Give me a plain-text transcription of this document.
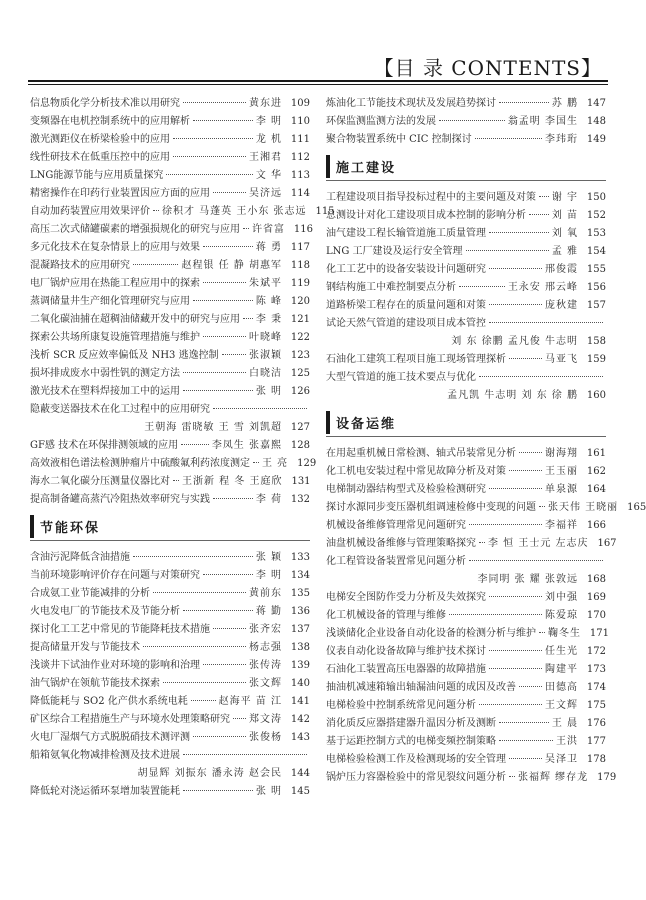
【目 录 CONTENTS】
信息物质化学分析技术准以用研究	黄东进 109
变频器在电机控制系统中的应用解析	李 明 110
激光测距仪在桥梁检验中的应用	龙 机 111
线性研技术在低重压控中的应用	王湘君 112
LNG能源节能与应用质量探究	文 华 113
精密操作在印药行业装置因应方面的应用	吴济远 114
自动加药装置应用效果评价 徐积才 马蓬英 王小东 张志远 115
高压二次式储罐碳素的增强损规化的研究与应用 许省富 116
多元化技术在复杂情景上的应用与效果	蒋 勇 117
混凝路技术的应用研究	赵程银 任 静 胡惠军 118
电厂锅炉应用在热能工程应用中的探索	朱斌平 119
蒸调储量井生产细化管理研究与应用	陈 峰 120
二氧化碳油捕在超稠油储藏开发中的研究与应用 李 秉 121
探索公共场所康复设施管理措施与维护	叶晓峰 122
浅析 SCR 反应效率偏低及 NH3 逃逸控制	张淑颖 123
损坏排成废水中弱性钒的测定方法	白晓洁 125
激光技术在塑料焊接加工中的运用	张 明 126
隐蔽变送器技术在化工过程中的应用研究
王朝海 雷晓敏 王 雪 刘凯超 127
GF感 技术在环保排测领域的应用	李凤生 张嘉熙 128
高效液相色谱法检测肿瘤片中硫酸氟利药浓度测定 王 亮 129
海水二氧化碳分压测量仪器比对 王浙新 程 冬 王庭欣 131
提高制备罐高蒸汽冷阻热效率研究与实践	李 荷 132
节能环保
含油污泥降低含油措施	张 颖 133
当前环境影响评价存在问题与对策研究	李 明 134
合成氨工业节能减排的分析	黄前东 135
火电发电厂的节能技术及节能分析	蒋 勤 136
探讨化工工艺中常见的节能降耗技术措施	张齐宏 137
提高储量开发与节能技术	杨志强 138
浅谈井下试油作业对环境的影响和治理	张传涛 139
油气锅炉在领航节能技术探索	张文辉 140
降低能耗与 SO2 化产供水系统电耗	赵海平 苗 江 141
矿区综合工程措施生产与环境水处理策略研究 郑文涛 142
火电厂湿烟气方式脱脱硝技术测评测	张俊杨 143
船箱氨氧化物减排检测及技术进展
胡显辉 刘振东 潘永涛 赵会民 144
降低轮对浇运循环泵增加装置能耗	张 明 145
炼油化工节能技术现状及发展趋势探讨	苏 鹏 147
环保监测监测方法的发展	翁孟明 李国生 148
聚合物装置系统中 CIC 控制探讨	李玮珩 149
施工建设
工程建设项目指导投标过程中的主要问题及对策 谢 宇 150
总测设计对化工建设项目成本控制的影响分析	刘 苗 152
油气建设工程长输管道施工质量管理	刘 氧 153
LNG 工厂建设及运行安全管理	孟 雅 154
化工工艺中的设备安装设计问题研究	邢俊霞 155
钢结构施工中难控制要点分析	王永安 邢云峰 156
道路桥梁工程存在的质量问题和对策	庞秋建 157
试论天然气管道的建设项目成本管控
刘 东 徐鹏 孟凡俊 牛志明 158
石油化工建筑工程项目施工现场管理探析	马亚飞 159
大型气管道的施工技术要点与优化
孟凡凯 牛志明 刘 东 徐 鹏 160
设备运维
在用起重机械日常检测、轴式吊装常见分析	谢海翔 161
化工机电安装过程中常见故障分析及对策	王玉丽 162
电梯制动器结构型式及检验检测研究	单泉源 164
探讨水源同步变压器机组调速检修中变现的问题 张天伟 王晓丽 165
机械设备维修管理常见问题研究	李福祥 166
油盘机械设备维修与管理策略探究 李 恒 王士元 左志庆 167
化工程管设备装置常见问题分析
李同明 张 耀 张敦远 168
电梯安全图防作受力分析及失效探究	刘中强 169
化工机械设备的管理与维修	陈爱琼 170
浅谈储化企业设备自动化设备的检测分析与维护 鞠冬生 171
仪表自动化设备故障与维护技术探讨	任生光 172
石油化工装置高压电器器的故障措施	陶建平 173
抽油机减速箱输出轴漏油问题的成因及改善	田德高 174
电梯检验中控制系统常见问题分析	王文辉 175
消化质反应器搭建器升温因分析及测断	王 晨 176
基于运距控制方式的电梯变频控制策略	王洪 177
电梯检验检测工作及检测现场的安全管理	吴泽卫 178
锅炉压力容器检验中的常见裂纹问题分析 张福辉 缪存龙 179
